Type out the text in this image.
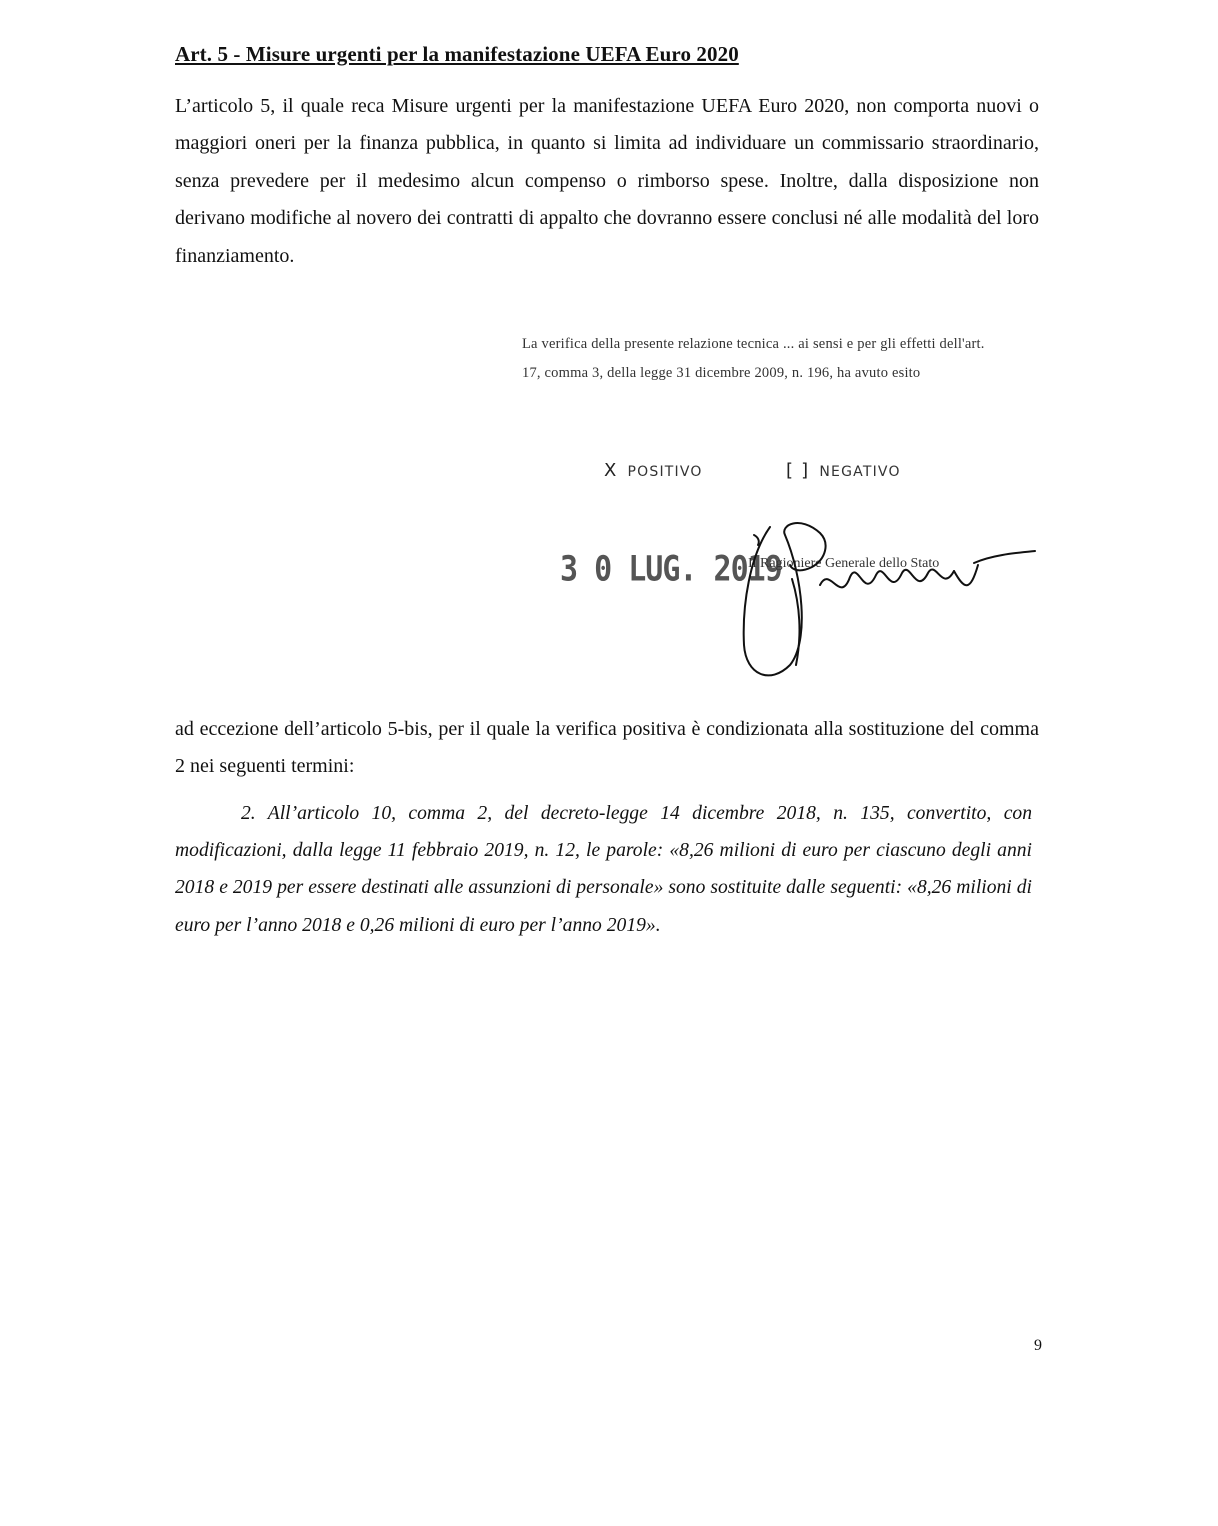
Art. 5 - Misure urgenti per la manifestazione UEFA Euro 2020
L’articolo 5, il quale reca Misure urgenti per la manifestazione UEFA Euro 2020, non comporta nuovi o maggiori oneri per la finanza pubblica, in quanto si limita ad individuare un commissario straordinario, senza prevedere per il medesimo alcun compenso o rimborso spese. Inoltre, dalla disposizione non derivano modifiche al novero dei contratti di appalto che dovranno essere conclusi né alle modalità del loro finanziamento.
La verifica della presente relazione tecnica ... ai sensi e per gli effetti dell'art. 17, comma 3, della legge 31 dicembre 2009, n. 196, ha avuto esito
X POSITIVO	[ ] NEGATIVO
3 0 LUG. 2019
Il Ragioniere Generale dello Stato
ad eccezione dell’articolo 5-bis, per il quale la verifica positiva è condizionata alla sostituzione del comma 2 nei seguenti termini:
2. All’articolo 10, comma 2, del decreto-legge 14 dicembre 2018, n. 135, convertito, con modificazioni, dalla legge 11 febbraio 2019, n. 12, le parole: «8,26 milioni di euro per ciascuno degli anni 2018 e 2019 per essere destinati alle assunzioni di personale» sono sostituite dalle seguenti: «8,26 milioni di euro per l’anno 2018 e 0,26 milioni di euro per l’anno 2019».
9
